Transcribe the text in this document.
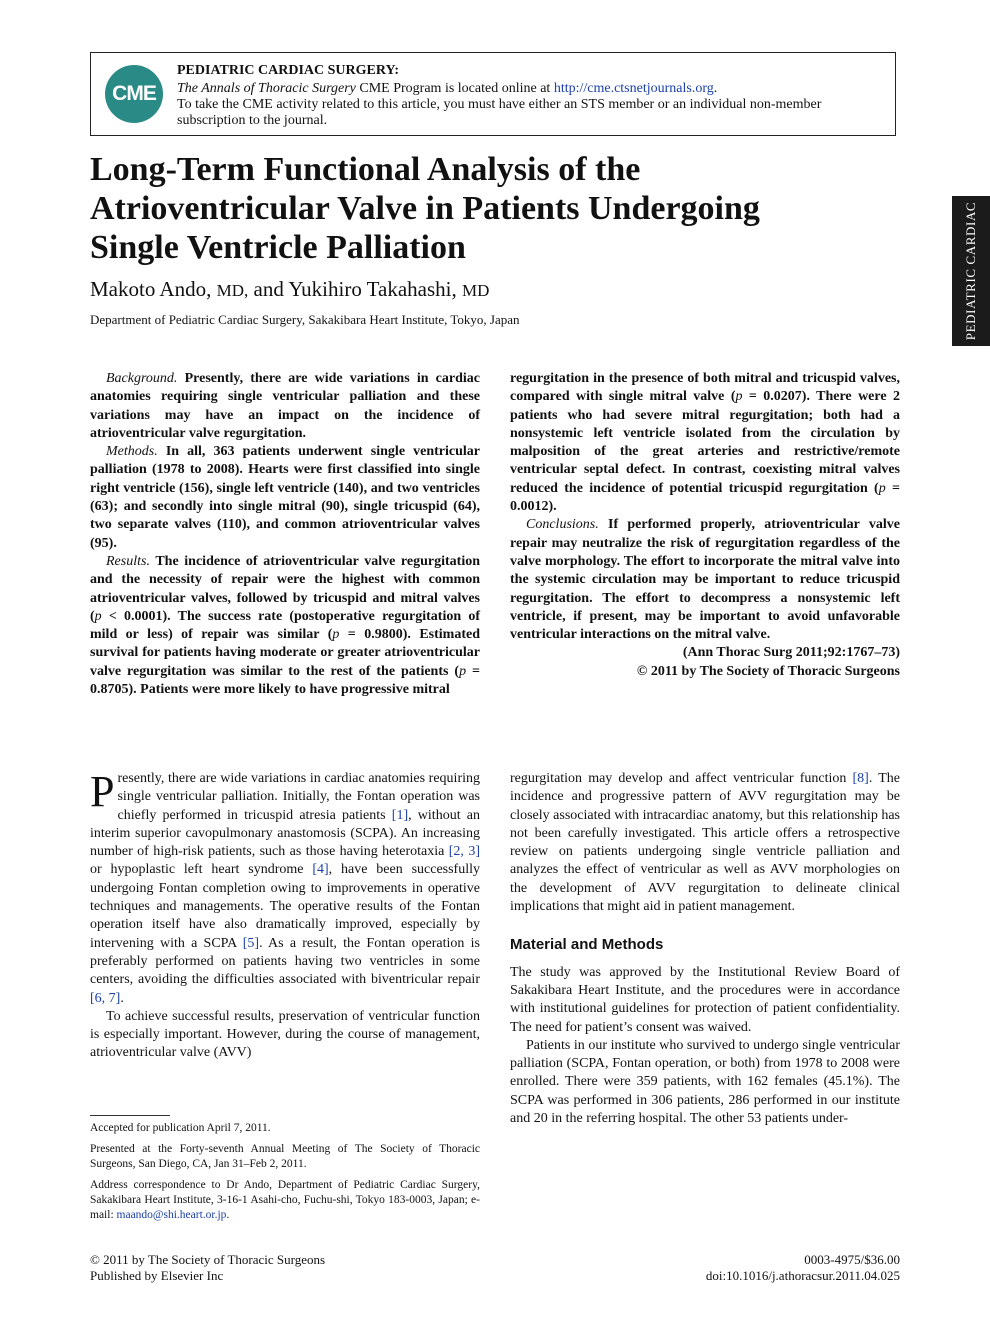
CME
PEDIATRIC CARDIAC SURGERY:
The Annals of Thoracic Surgery CME Program is located online at http://cme.ctsnetjournals.org.
To take the CME activity related to this article, you must have either an STS member or an individual non-member subscription to the journal.
PEDIATRIC CARDIAC
Long-Term Functional Analysis of the Atrioventricular Valve in Patients Undergoing Single Ventricle Palliation
Makoto Ando, MD, and Yukihiro Takahashi, MD
Department of Pediatric Cardiac Surgery, Sakakibara Heart Institute, Tokyo, Japan

Background. Presently, there are wide variations in cardiac anatomies requiring single ventricular palliation and these variations may have an impact on the incidence of atrioventricular valve regurgitation.

Methods. In all, 363 patients underwent single ventricular palliation (1978 to 2008). Hearts were first classified into single right ventricle (156), single left ventricle (140), and two ventricles (63); and secondly into single mitral (90), single tricuspid (64), two separate valves (110), and common atrioventricular valves (95).

Results. The incidence of atrioventricular valve regurgitation and the necessity of repair were the highest with common atrioventricular valves, followed by tricuspid and mitral valves (p < 0.0001). The success rate (postoperative regurgitation of mild or less) of repair was similar (p = 0.9800). Estimated survival for patients having moderate or greater atrioventricular valve regurgitation was similar to the rest of the patients (p = 0.8705). Patients were more likely to have progressive mitral

regurgitation in the presence of both mitral and tricuspid valves, compared with single mitral valve (p = 0.0207). There were 2 patients who had severe mitral regurgitation; both had a nonsystemic left ventricle isolated from the circulation by malposition of the great arteries and restrictive/remote ventricular septal defect. In contrast, coexisting mitral valves reduced the incidence of potential tricuspid regurgitation (p = 0.0012).

Conclusions. If performed properly, atrioventricular valve repair may neutralize the risk of regurgitation regardless of the valve morphology. The effort to incorporate the mitral valve into the systemic circulation may be important to reduce tricuspid regurgitation. The effort to decompress a nonsystemic left ventricle, if present, may be important to avoid unfavorable ventricular interactions on the mitral valve.

(Ann Thorac Surg 2011;92:1767–73)
© 2011 by The Society of Thoracic Surgeons

Presently, there are wide variations in cardiac anatomies requiring single ventricular palliation. Initially, the Fontan operation was chiefly performed in tricuspid atresia patients [1], without an interim superior cavopulmonary anastomosis (SCPA). An increasing number of high-risk patients, such as those having heterotaxia [2, 3] or hypoplastic left heart syndrome [4], have been successfully undergoing Fontan completion owing to improvements in operative techniques and managements. The operative results of the Fontan operation itself have also dramatically improved, especially by intervening with a SCPA [5]. As a result, the Fontan operation is preferably performed on patients having two ventricles in some centers, avoiding the difficulties associated with biventricular repair [6, 7].

To achieve successful results, preservation of ventricular function is especially important. However, during the course of management, atrioventricular valve (AVV)

regurgitation may develop and affect ventricular function [8]. The incidence and progressive pattern of AVV regurgitation may be closely associated with intracardiac anatomy, but this relationship has not been carefully investigated. This article offers a retrospective review on patients undergoing single ventricle palliation and analyzes the effect of ventricular as well as AVV morphologies on the development of AVV regurgitation to delineate clinical implications that might aid in patient management.

Material and Methods

The study was approved by the Institutional Review Board of Sakakibara Heart Institute, and the procedures were in accordance with institutional guidelines for protection of patient confidentiality. The need for patient’s consent was waived.

Patients in our institute who survived to undergo single ventricular palliation (SCPA, Fontan operation, or both) from 1978 to 2008 were enrolled. There were 359 patients, with 162 females (45.1%). The SCPA was performed in 306 patients, 286 performed in our institute and 20 in the referring hospital. The other 53 patients under-

Accepted for publication April 7, 2011.

Presented at the Forty-seventh Annual Meeting of The Society of Thoracic Surgeons, San Diego, CA, Jan 31–Feb 2, 2011.

Address correspondence to Dr Ando, Department of Pediatric Cardiac Surgery, Sakakibara Heart Institute, 3-16-1 Asahi-cho, Fuchu-shi, Tokyo 183-0003, Japan; e-mail: maando@shi.heart.or.jp.

© 2011 by The Society of Thoracic Surgeons
Published by Elsevier Inc
0003-4975/$36.00
doi:10.1016/j.athoracsur.2011.04.025
